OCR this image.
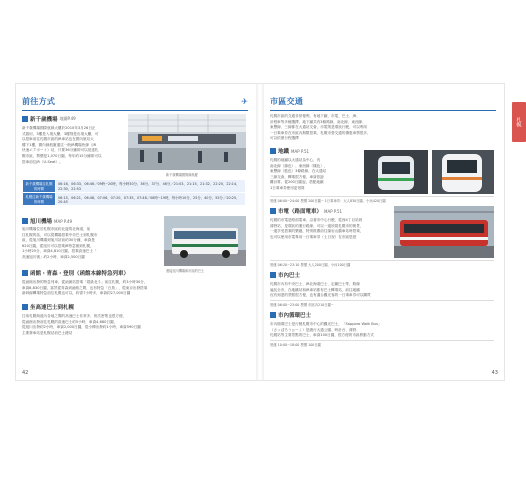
前往方式	✈
新千歲機場 地圖P.49
新千歲機場國際航線大樓於2010年3月26日正
式啟用，3樓是入境大廳，3樓則是出境大廳，可
以搭車前往札幌市區的JR車站也在國內航站大
樓下1樓，國內線航廈通往一般JR機場快線（JR
快速エアポート）站，只要36分鐘即可以抵達札
幌市區，票價是1,070日圓，每年約15分鐘即可以
搭車前往JR（U-Seat）。
新千歲機場國際線航廈
新千歲機場往札幌的時間	06:16、06:33、06:46／09時~20時，每小時30分、36分、37分、46分／21:03、21:15、21:32、22:20、22:14、22:30、22:53
札幌往新千歲機場的時間	06:15、06:21、06:48、07:06、07:20、07:35、07:48／08時~19時，每小時10分、25分、40分、55分／20:25、20:45
旭川機場 MAP P.49
旭川機場位於札幌市區約北邊的北海道，前
往札幌的話，可以從機場搭乘中央巴士到札幌市
區，從旭川機場到旭川站前約30分鐘，車資是
620日圓，從旭川可以搭乘JR特急號到札幌，
1小時25分，車資4,810日圓，搭乘高速巴士「
高速旭川號」約2小時，車資2,500日圓
連接旭川機場和市區的巴士
函館・青森・登別（函館本線特急列車）
從函館出發的特急列車，從函館站搭乘「超級北斗」前往札幌，約3小時30分，
車資8,830日圓，當然從青森到函館之間，也有特急「白鳥」，從東京出發搭乘
新幹線轉乘特急前往札幌也可以，約需7小時多，車資約27,000日圓
坐高速巴士到札幌
往來札幌與道內各地之間的高速巴士非常多，班次密集也很方便，
從函館出發前往札幌的高速巴士約5小時，車資4,680日圓，
從旭川出發約2小時，車資2,000日圓，從小樽出發約1小時，車資590日圓
主要發車站是札幌站前巴士總站
42
札幌
市區交通
札幌市區的交通非常便利，有地下鐵、市電、巴士、JR、
計程車等多種選擇，地下鐵共有3條路線，南北線、東西線、
東豐線，三線都在大通站交會，市電則是環狀行駛，可以利用
一日乘車券在市區內無限搭乘，札幌市營交通的優惠車票很多，
可以依照行程選擇
地鐵 MAP P.51
札幌的地鐵以大通站為中心，有
南北線（綠色）、東西線（橘色）、
東豐線（藍色）3條路線，在大通站
三線交會，轉乘很方便，車資依距
離計算，從200日圓起，搭配地鐵
1日乘車券使用更划算
營運 06:00~24:00 票價 200日圓~ 1日乘車券：大人830日圓、小孩420日圓
市電（路面電車） MAP P.51
札幌的市電是路面電車，沿著市中心行駛，從西4丁目站到
薄野站，是環狀的運行路線，可以一邊欣賞札幌市的街景，
一邊享受搭乘的樂趣，特別推薦前往藻岩山纜車站時搭乘，
也可以使用市電專用一日乘車券（土日祝）在市區悠遊
營運 06:20~23:10 票價 大人200日圓、小孩100日圓
市內巴士
札幌市內有中央巴士、JR北海道巴士、定鐵巴士等，路線
遍及全市，在地鐵站和JR車站都有巴士轉乘站，前往地鐵
沒有到達的景點很方便，也有適合觀光客的一日乘車券可以購買
營運 06:00~23:00 票價 市區內210日圓~
市內循環巴士
市內循環巴士是行駛札幌市中心的觀光巴士，「Sapporo Walk Bus」
（さっぽろうぉーく）是繞行大通公園、時計台、薄野、
札幌站等主要景點的巴士，車資100日圓，很方便的市區移動方式
營運 10:00~18:00 票價 100日圓
43
